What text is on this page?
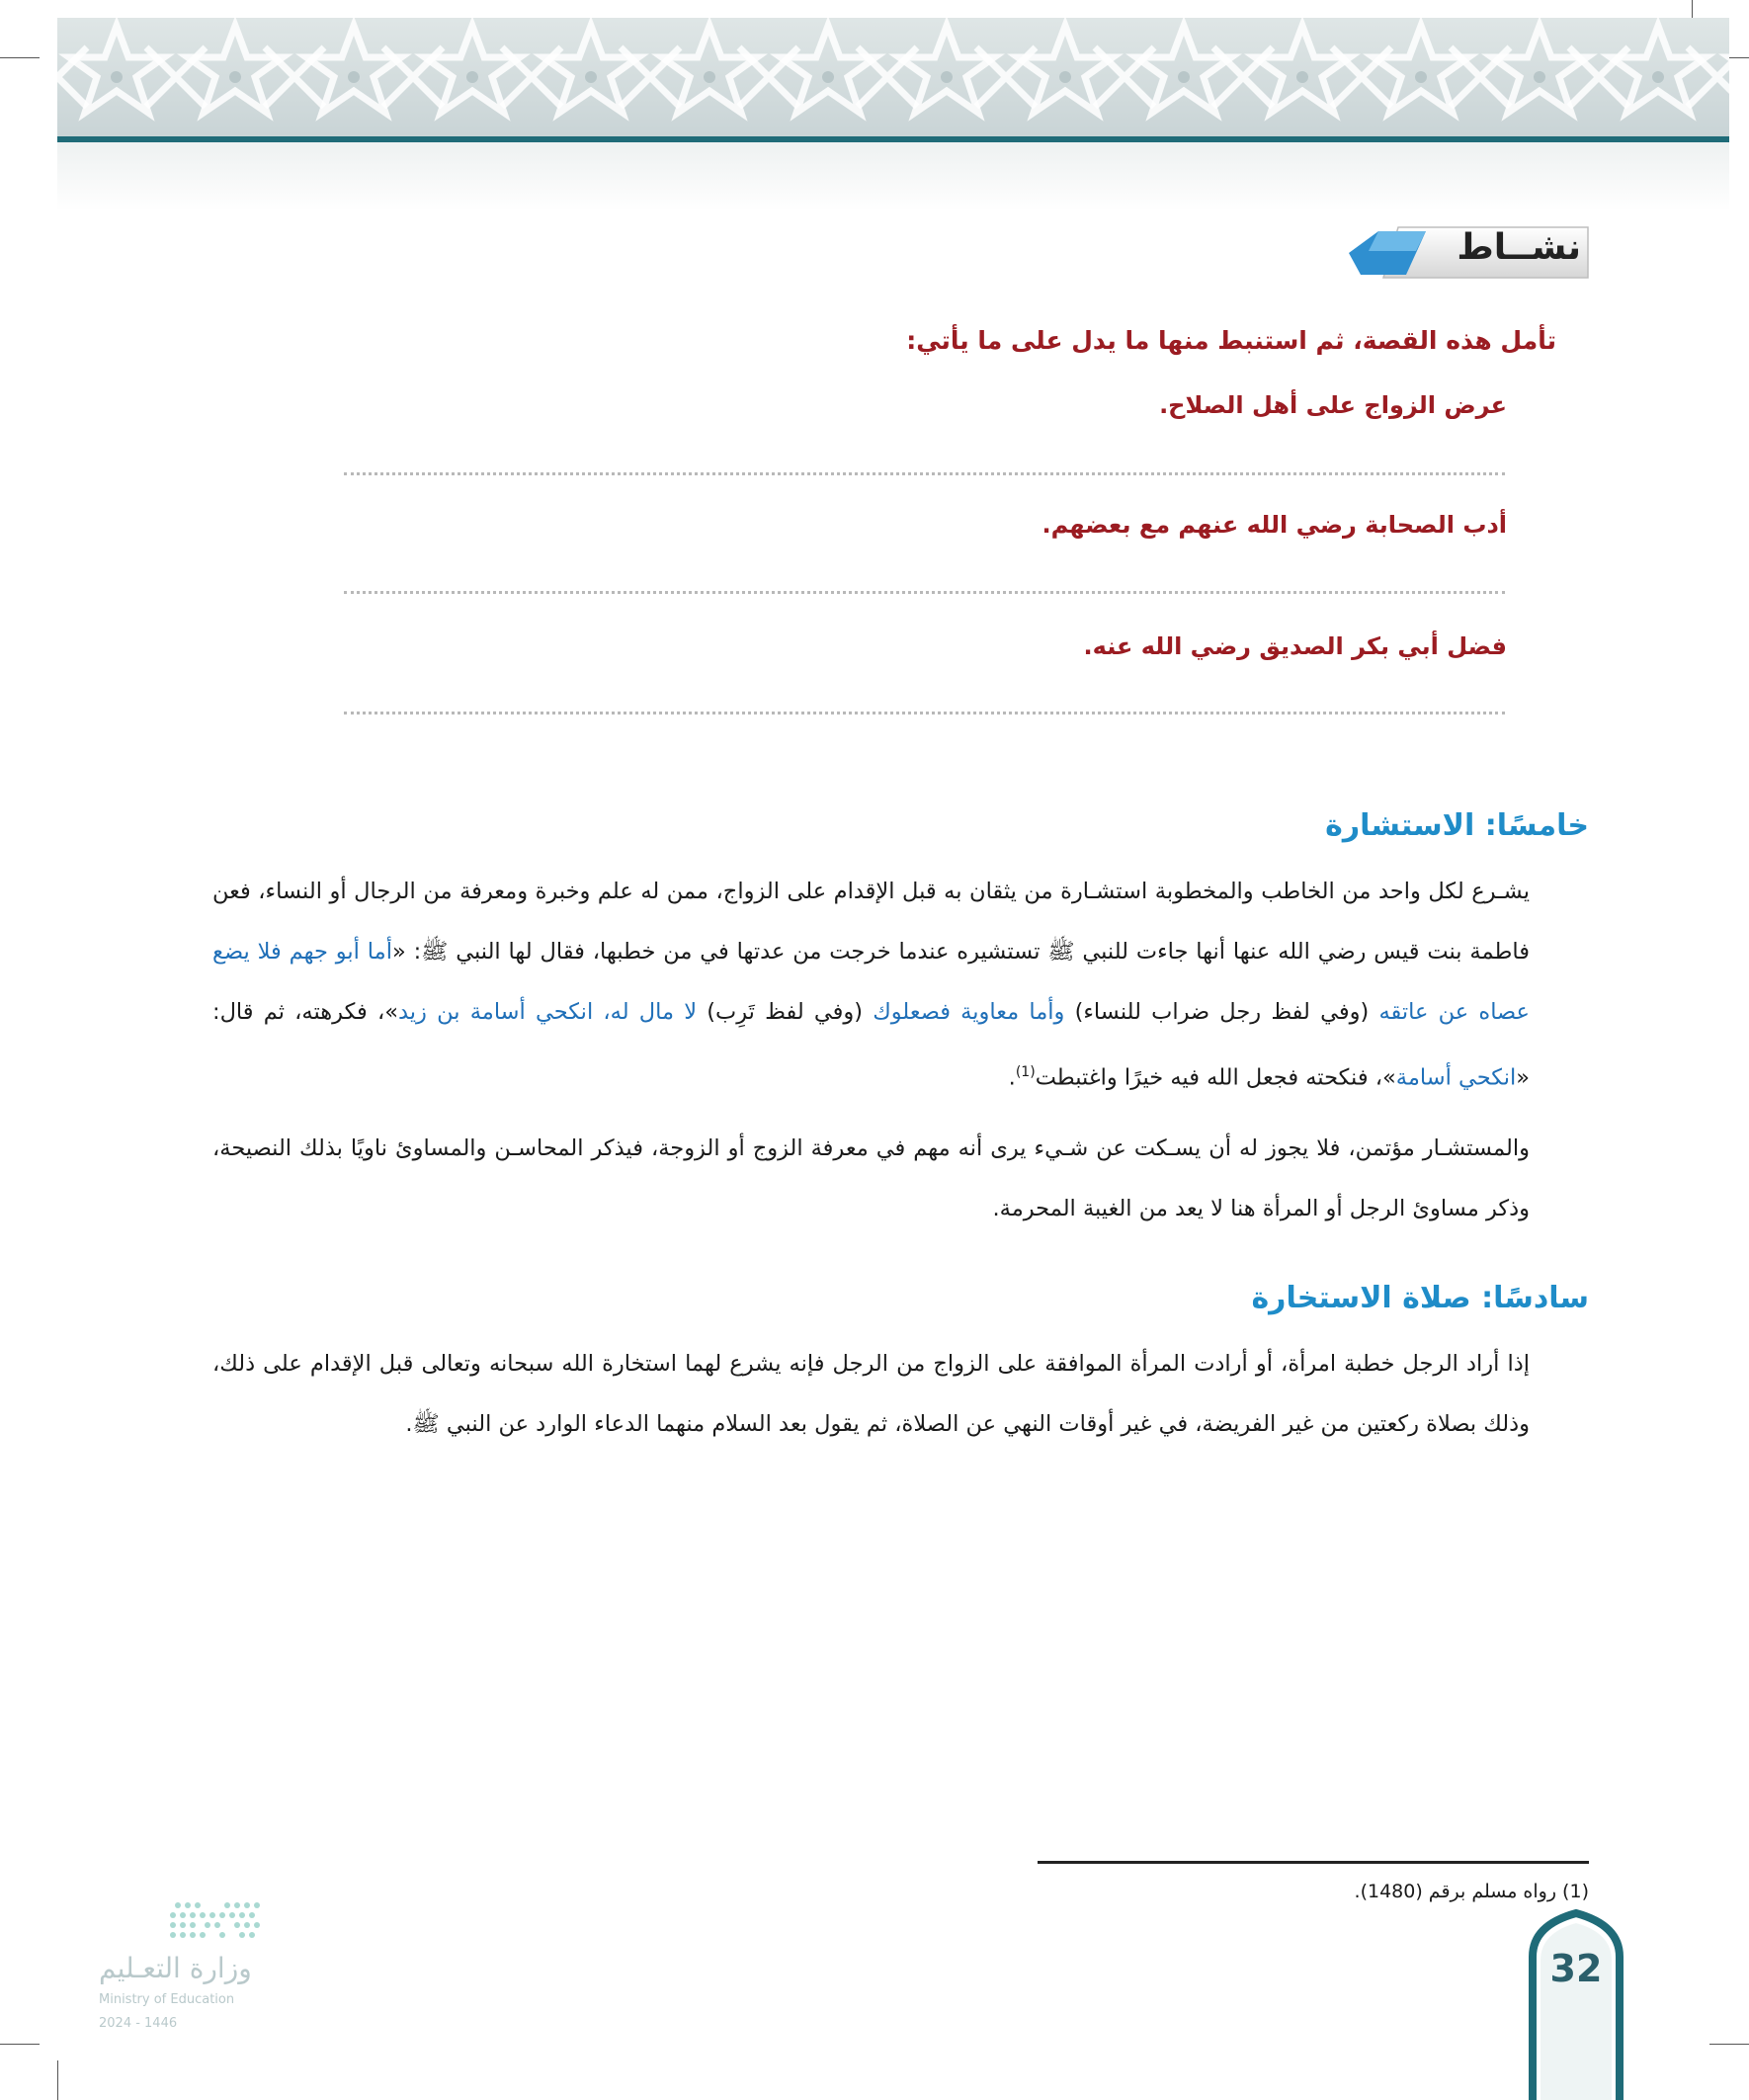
نشــاط
تأمل هذه القصة، ثم استنبط منها ما يدل على ما يأتي:
عرض الزواج على أهل الصلاح.
أدب الصحابة رضي الله عنهم مع بعضهم.
فضل أبي بكر الصديق رضي الله عنه.
خامسًا: الاستشارة
يشـرع لكل واحد من الخاطب والمخطوبة استشـارة من يثقان به قبل الإقدام على الزواج، ممن له علم وخبرة ومعرفة من الرجال أو النساء، فعن فاطمة بنت قيس رضي الله عنها أنها جاءت للنبي ﷺ تستشيره عندما خرجت من عدتها في من خطبها، فقال لها النبي ﷺ: «أما أبو جهم فلا يضع عصاه عن عاتقه (وفي لفظ رجل ضراب للنساء) وأما معاوية فصعلوك (وفي لفظ تَرِب) لا مال له، انكحي أسامة بن زيد»، فكرهته، ثم قال: «انكحي أسامة»، فنكحته فجعل الله فيه خيرًا واغتبطت$^{(1)}$.
والمستشـار مؤتمن، فلا يجوز له أن يسـكت عن شـيء يرى أنه مهم في معرفة الزوج أو الزوجة، فيذكر المحاسـن والمساوئ ناويًا بذلك النصيحة، وذكر مساوئ الرجل أو المرأة هنا لا يعد من الغيبة المحرمة.
سادسًا: صلاة الاستخارة
إذا أراد الرجل خطبة امرأة، أو أرادت المرأة الموافقة على الزواج من الرجل فإنه يشرع لهما استخارة الله سبحانه وتعالى قبل الإقدام على ذلك، وذلك بصلاة ركعتين من غير الفريضة، في غير أوقات النهي عن الصلاة، ثم يقول بعد السلام منهما الدعاء الوارد عن النبي ﷺ.
(1) رواه مسلم برقم (1480).
وزارة التعـليم
Ministry of Education
2024 - 1446
32
